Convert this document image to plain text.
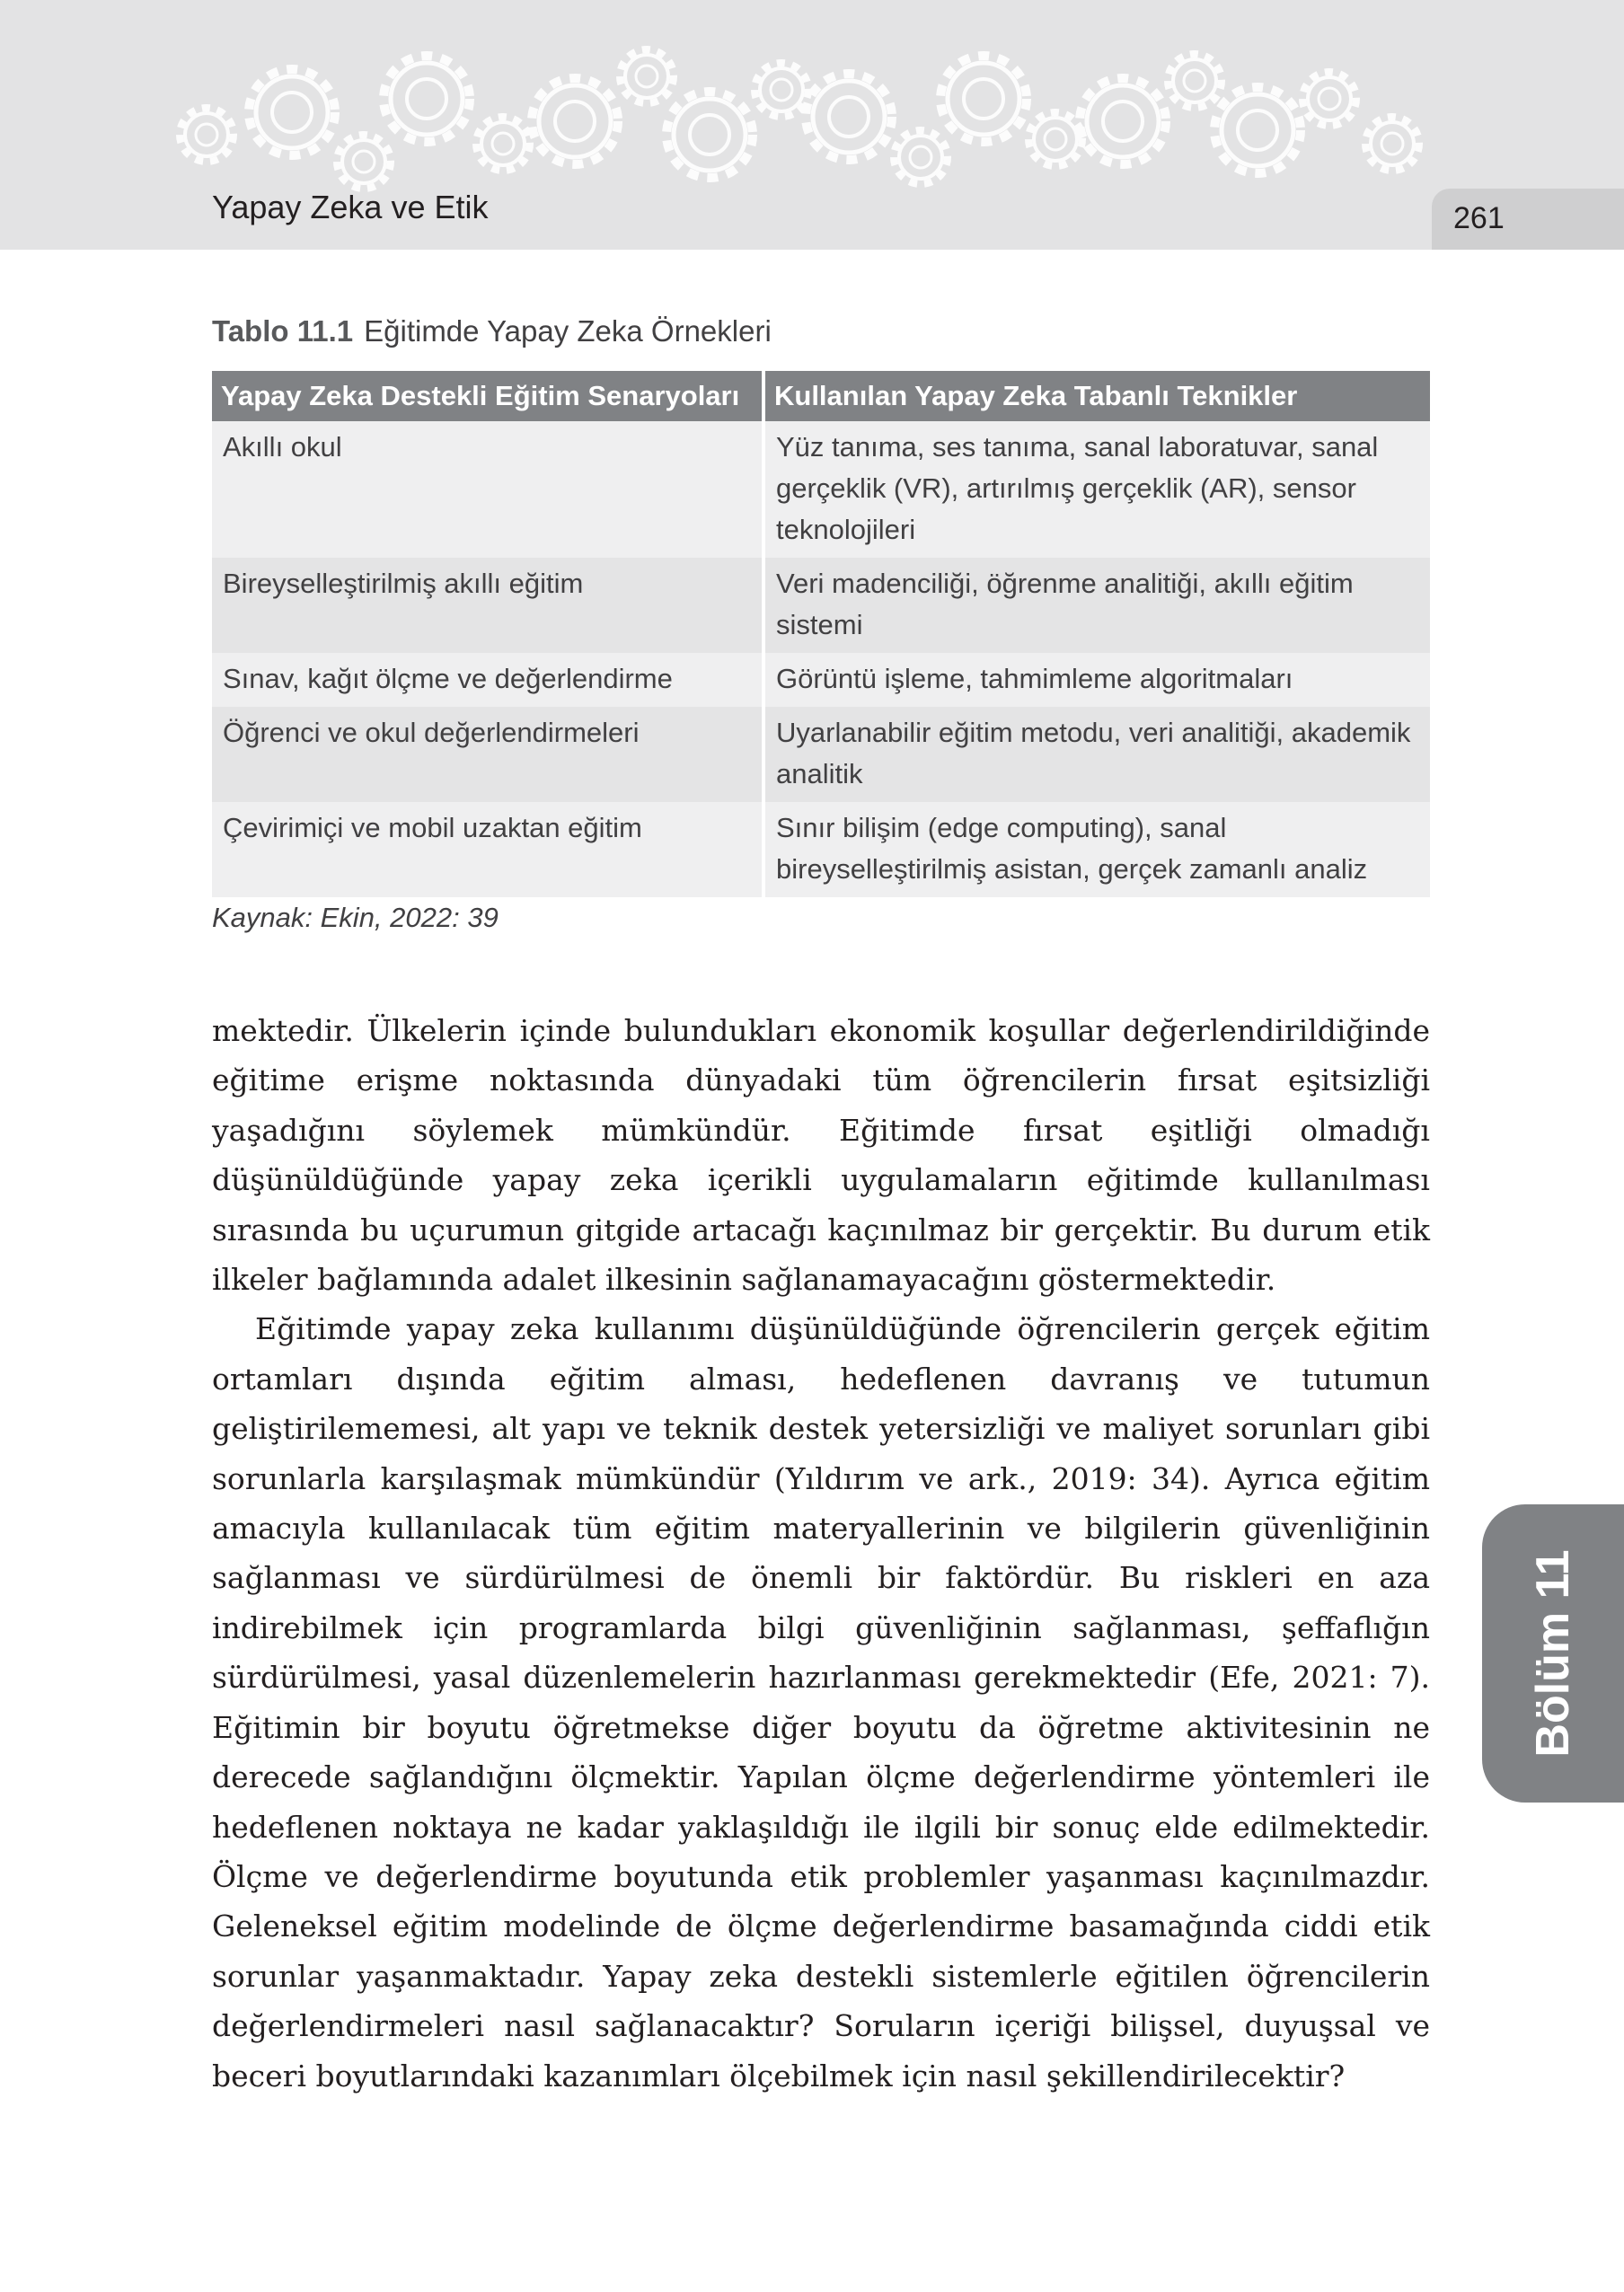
Yapay Zeka ve Etik	261
Tablo 11.1 Eğitimde Yapay Zeka Örnekleri
Yapay Zeka Destekli Eğitim Senaryoları	Kullanılan Yapay Zeka Tabanlı Teknikler
Akıllı okul	Yüz tanıma, ses tanıma, sanal laboratuvar, sanal gerçeklik (VR), artırılmış gerçeklik (AR), sensor teknolojileri
Bireyselleştirilmiş akıllı eğitim	Veri madenciliği, öğrenme analitiği, akıllı eğitim sistemi
Sınav, kağıt ölçme ve değerlendirme	Görüntü işleme, tahmimleme algoritmaları
Öğrenci ve okul değerlendirmeleri	Uyarlanabilir eğitim metodu, veri analitiği, akademik analitik
Çevirimiçi ve mobil uzaktan eğitim	Sınır bilişim (edge computing), sanal bireyselleştirilmiş asistan, gerçek zamanlı analiz
Kaynak: Ekin, 2022: 39

mektedir. Ülkelerin içinde bulundukları ekonomik koşullar değerlendirildiğinde eğitime erişme noktasında dünyadaki tüm öğrencilerin fırsat eşitsizliği yaşadığını söylemek mümkündür. Eğitimde fırsat eşitliği olmadığı düşünüldüğünde yapay zeka içerikli uygulamaların eğitimde kullanılması sırasında bu uçurumun gitgide artacağı kaçınılmaz bir gerçektir. Bu durum etik ilkeler bağlamında adalet ilkesinin sağlanamayacağını göstermektedir.

Eğitimde yapay zeka kullanımı düşünüldüğünde öğrencilerin gerçek eğitim ortamları dışında eğitim alması, hedeflenen davranış ve tutumun geliştirilememesi, alt yapı ve teknik destek yetersizliği ve maliyet sorunları gibi sorunlarla karşılaşmak mümkündür (Yıldırım ve ark., 2019: 34). Ayrıca eğitim amacıyla kullanılacak tüm eğitim materyallerinin ve bilgilerin güvenliğinin sağlanması ve sürdürülmesi de önemli bir faktördür. Bu riskleri en aza indirebilmek için programlarda bilgi güvenliğinin sağlanması, şeffaflığın sürdürülmesi, yasal düzenlemelerin hazırlanması gerekmektedir (Efe, 2021: 7). Eğitimin bir boyutu öğretmekse diğer boyutu da öğretme aktivitesinin ne derecede sağlandığını ölçmektir. Yapılan ölçme değerlendirme yöntemleri ile hedeflenen noktaya ne kadar yaklaşıldığı ile ilgili bir sonuç elde edilmektedir. Ölçme ve değerlendirme boyutunda etik problemler yaşanması kaçınılmazdır. Geleneksel eğitim modelinde de ölçme değerlendirme basamağında ciddi etik sorunlar yaşanmaktadır. Yapay zeka destekli sistemlerle eğitilen öğrencilerin değerlendirmeleri nasıl sağlanacaktır? Soruların içeriği bilişsel, duyuşsal ve beceri boyutlarındaki kazanımları ölçebilmek için nasıl şekillendirilecektir?

Bölüm 11
